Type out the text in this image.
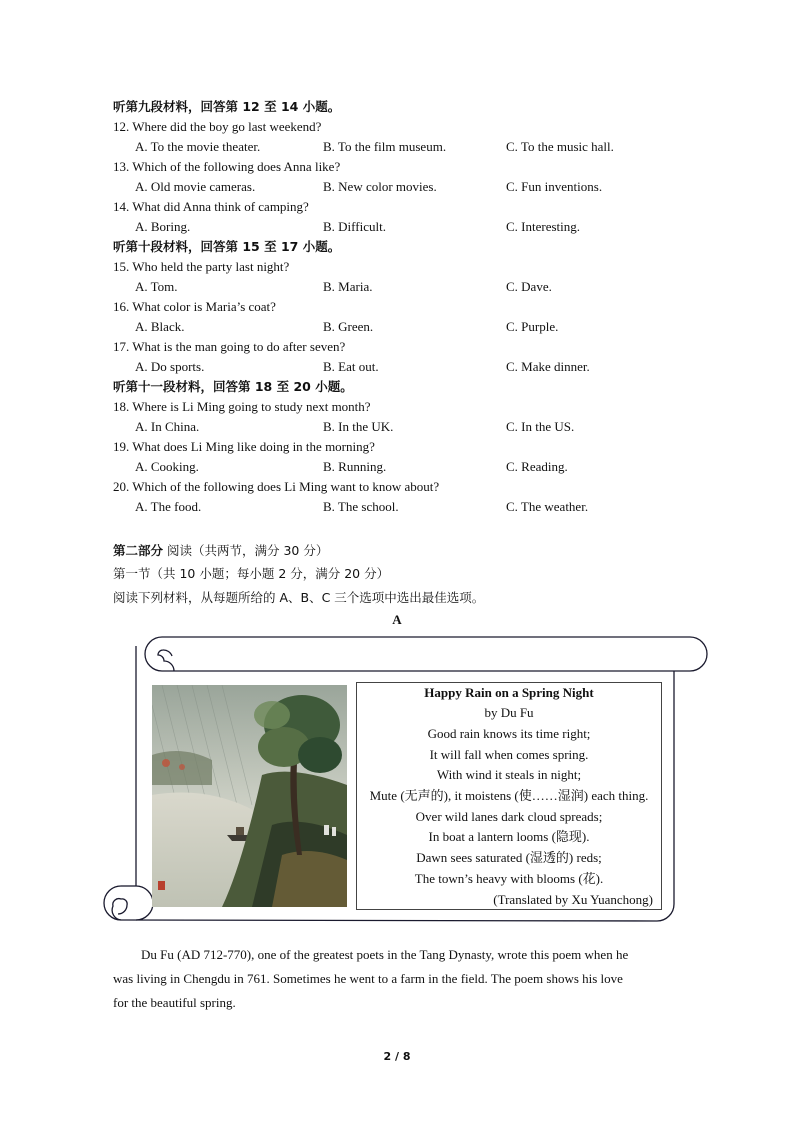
听第九段材料，回答第 12 至 14 小题。
12. Where did the boy go last weekend?
A. To the movie theater.	B. To the film museum.	C. To the music hall.
13. Which of the following does Anna like?
A. Old movie cameras.	B. New color movies.	C. Fun inventions.
14. What did Anna think of camping?
A. Boring.	B. Difficult.	C. Interesting.
听第十段材料，回答第 15 至 17 小题。
15. Who held the party last night?
A. Tom.	B. Maria.	C. Dave.
16. What color is Maria’s coat?
A. Black.	B. Green.	C. Purple.
17. What is the man going to do after seven?
A. Do sports.	B. Eat out.	C. Make dinner.
听第十一段材料，回答第 18 至 20 小题。
18. Where is Li Ming going to study next month?
A. In China.	B. In the UK.	C. In the US.
19. What does Li Ming like doing in the morning?
A. Cooking.	B. Running.	C. Reading.
20. Which of the following does Li Ming want to know about?
A. The food.	B. The school.	C. The weather.
第二部分 阅读（共两节，满分 30 分）
第一节（共 10 小题；每小题 2 分，满分 20 分）
阅读下列材料，从每题所给的 A、B、C 三个选项中选出最佳选项。
A
Happy Rain on a Spring Night
by Du Fu
Good rain knows its time right;
It will fall when comes spring.
With wind it steals in night;
Mute (无声的), it moistens (使……湿润) each thing.
Over wild lanes dark cloud spreads;
In boat a lantern looms (隐现).
Dawn sees saturated (湿透的) reds;
The town’s heavy with blooms (花).
(Translated by Xu Yuanchong)
Du Fu (AD 712-770), one of the greatest poets in the Tang Dynasty, wrote this poem when he
was living in Chengdu in 761. Sometimes he went to a farm in the field. The poem shows his love
for the beautiful spring.
2 / 8
